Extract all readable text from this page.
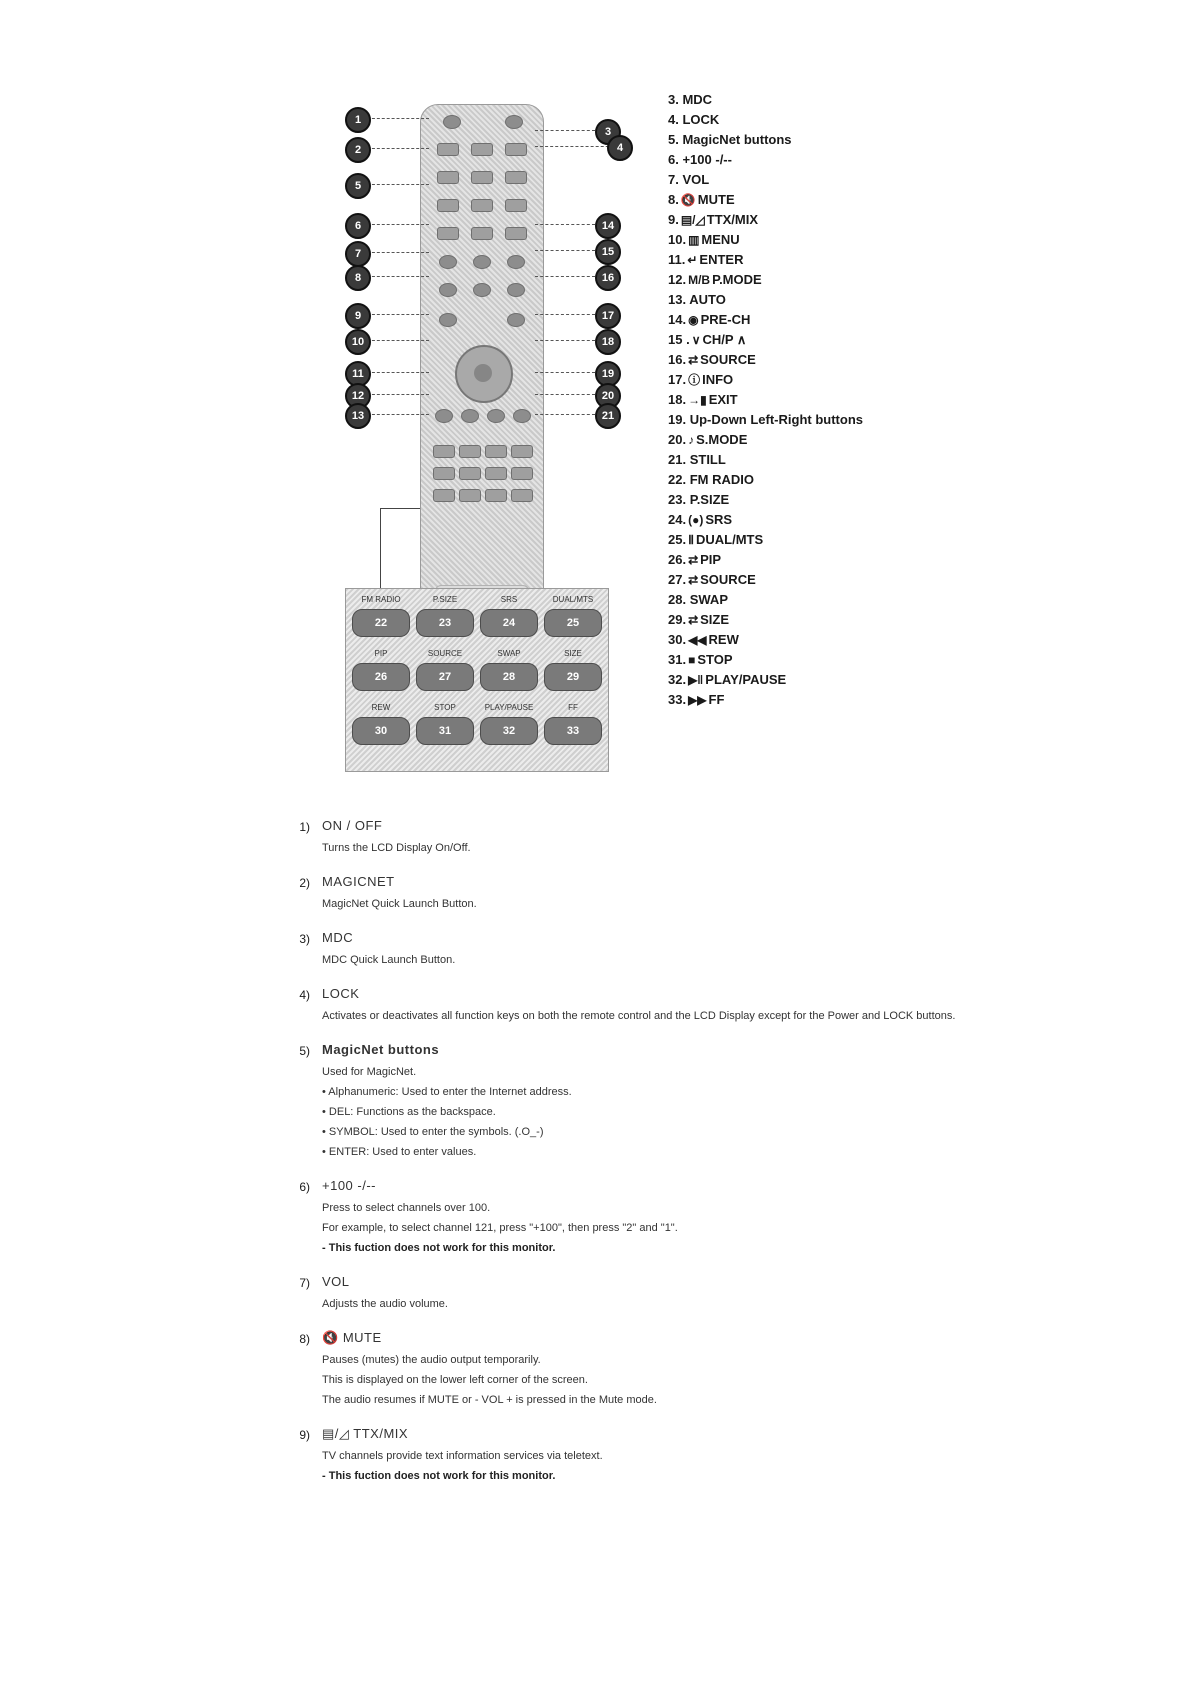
1
2
5
6
7
8
9
10
11
12
13
3
4
14
15
16
17
18
19
20
21
FM RADIO	P.SIZE	SRS	DUAL/MTS
22	23	24	25
PIP	SOURCE	SWAP	SIZE
26	27	28	29
REW	STOP	PLAY/PAUSE	FF
30	31	32	33
3. MDC
4. LOCK
5. MagicNet buttons
6. +100 -/--
7. VOL
8. 🔇 MUTE
9. ▤/◿ TTX/MIX
10. ▥ MENU
11. ↵ ENTER
12. M/B P.MODE
13. AUTO
14. ◉ PRE-CH
15 . ∨ CH/P ∧
16. ⇄ SOURCE
17. ⓘ INFO
18. →▮ EXIT
19. Up-Down Left-Right buttons
20. ♪ S.MODE
21. STILL
22. FM RADIO
23. P.SIZE
24. (●) SRS
25. Ⅱ DUAL/MTS
26. ⇄ PIP
27. ⇄ SOURCE
28. SWAP
29. ⇄ SIZE
30. ◀◀ REW
31. ■ STOP
32. ▶‖ PLAY/PAUSE
33. ▶▶ FF
1) ON / OFF

Turns the LCD Display On/Off.

2) MAGICNET

MagicNet Quick Launch Button.

3) MDC

MDC Quick Launch Button.

4) LOCK

Activates or deactivates all function keys on both the remote control and the LCD Display except for the Power and LOCK buttons.

5) MagicNet buttons

Used for MagicNet.

• Alphanumeric: Used to enter the Internet address.

• DEL: Functions as the backspace.

• SYMBOL: Used to enter the symbols. (.O_-)

• ENTER: Used to enter values.

6) +100 -/--

Press to select channels over 100.

For example, to select channel 121, press "+100", then press "2" and "1".

- This fuction does not work for this monitor.

7) VOL

Adjusts the audio volume.

8) 🔇 MUTE

Pauses (mutes) the audio output temporarily.

This is displayed on the lower left corner of the screen.

The audio resumes if MUTE or - VOL + is pressed in the Mute mode.

9) ▤/◿ TTX/MIX

TV channels provide text information services via teletext.

- This fuction does not work for this monitor.
